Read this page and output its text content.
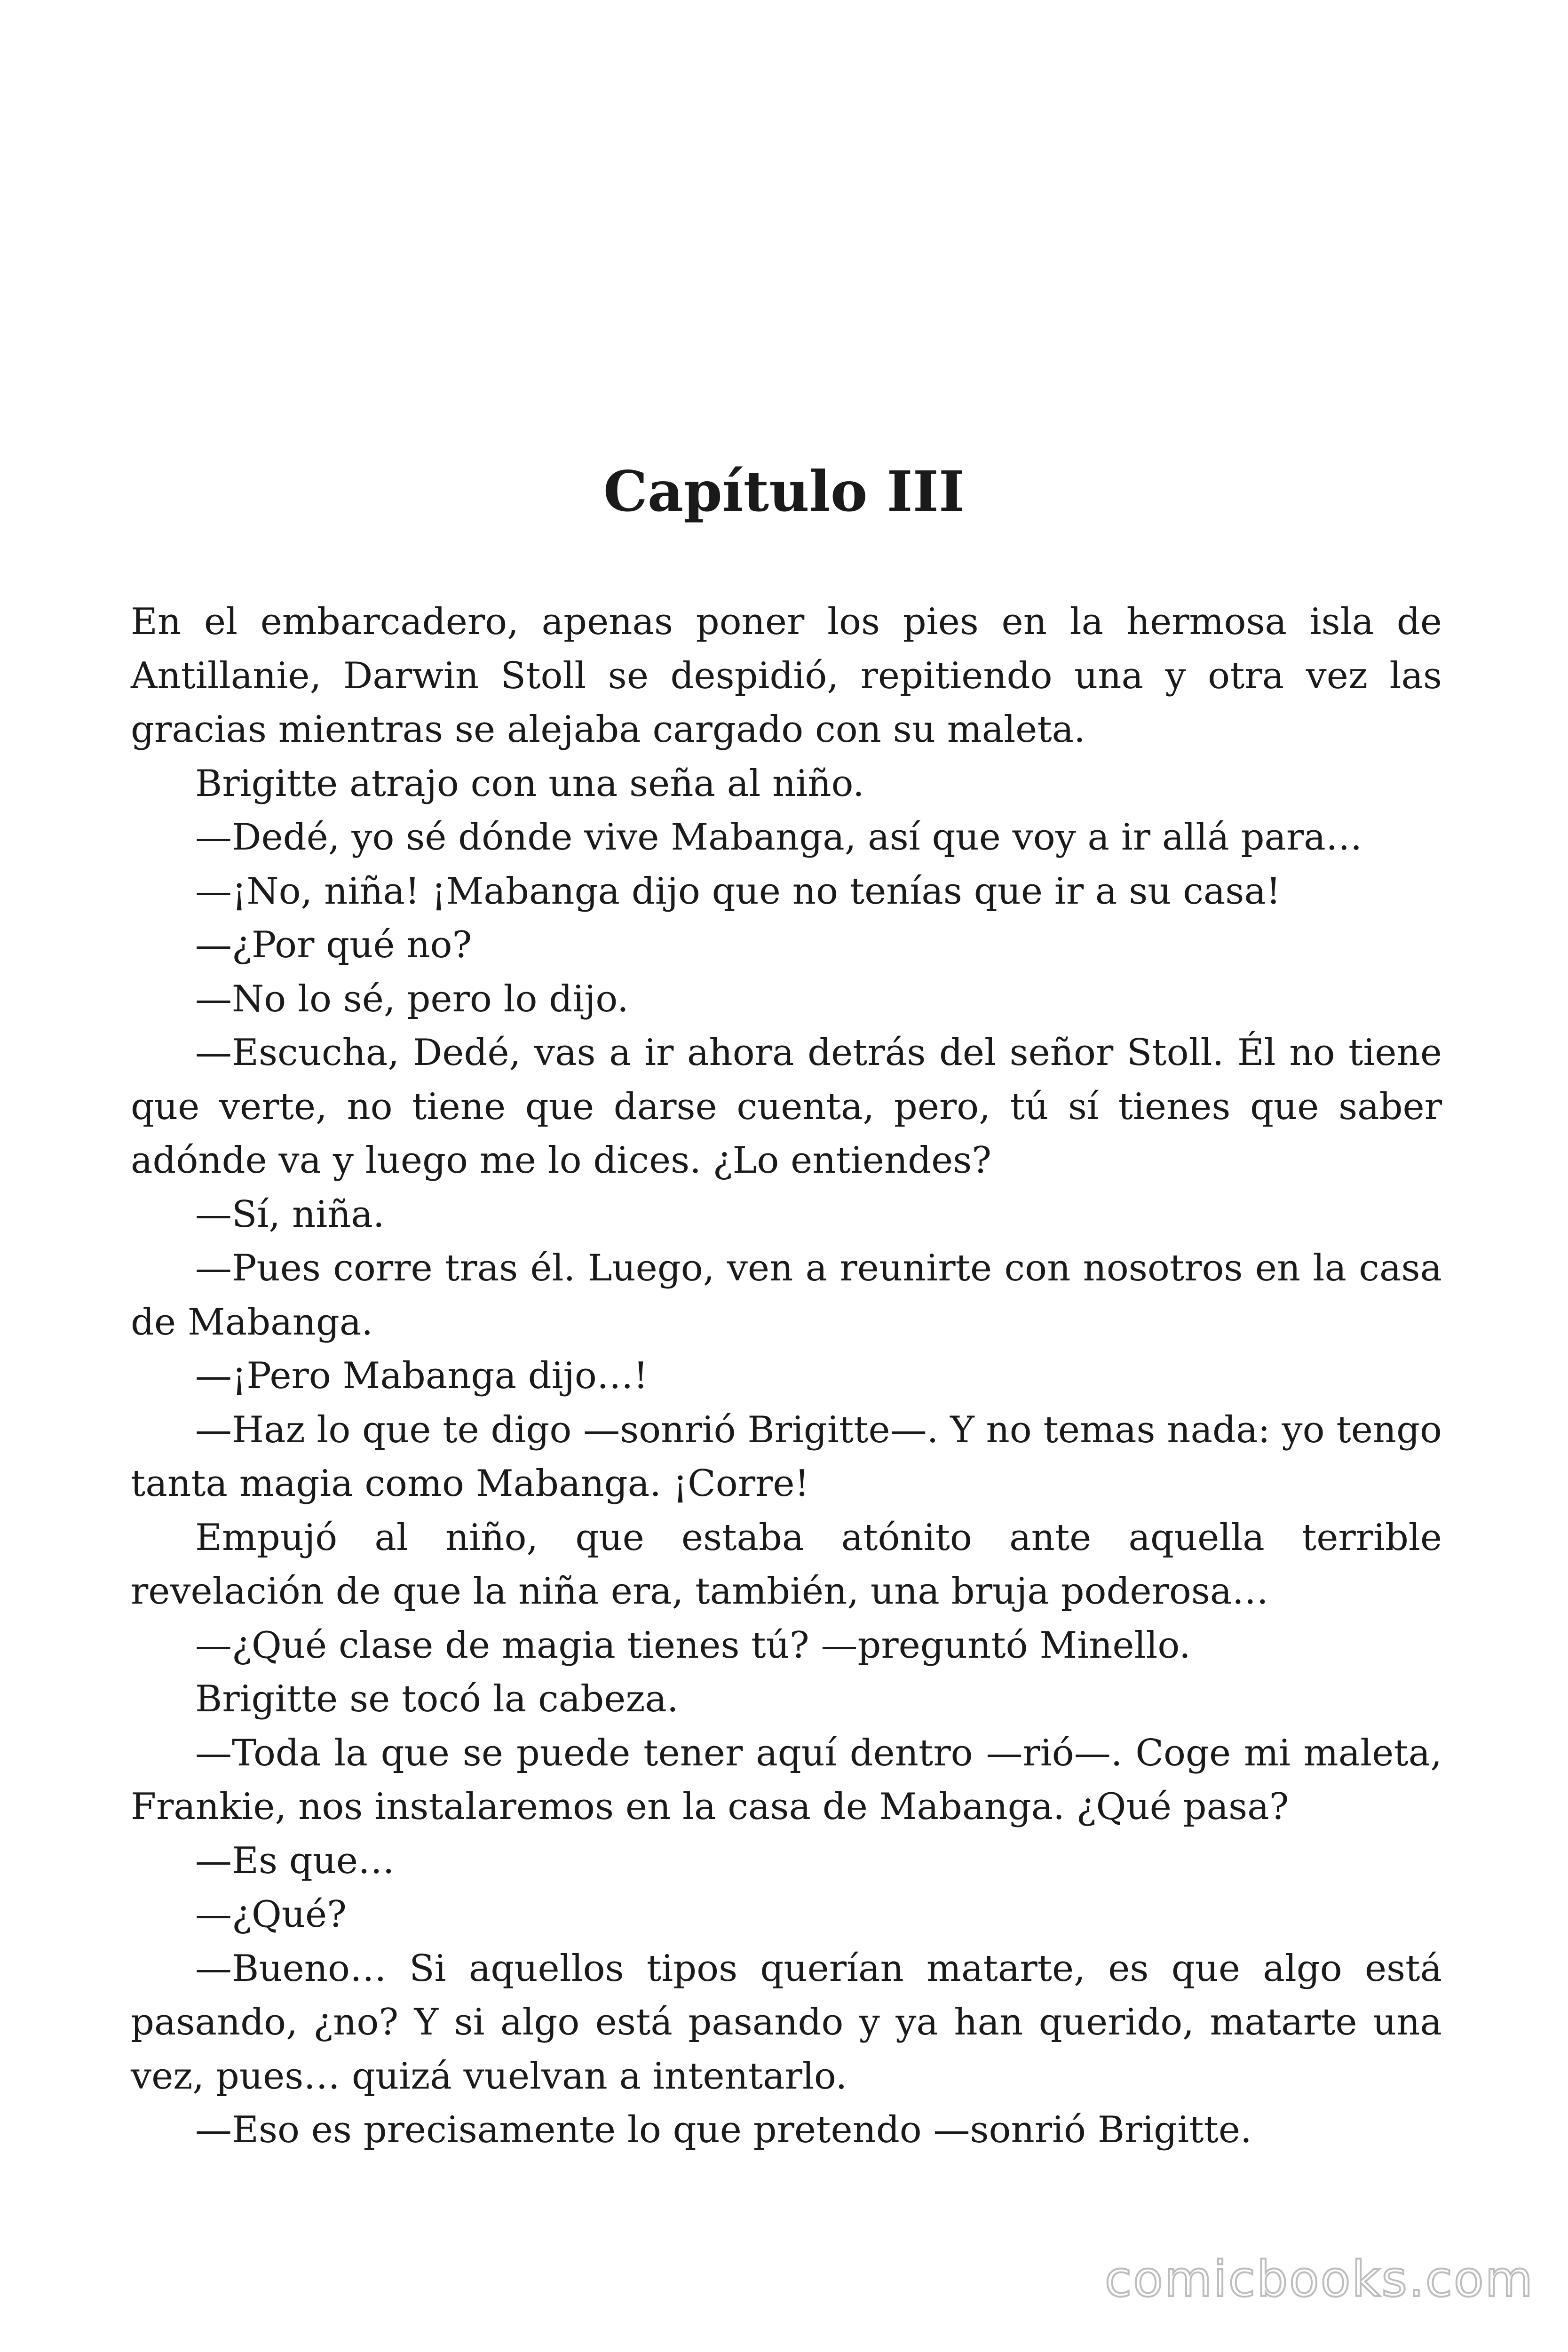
Capítulo III

En el embarcadero, apenas poner los pies en la hermosa isla de Antillanie, Darwin Stoll se despidió, repitiendo una y otra vez las gracias mientras se alejaba cargado con su maleta.

Brigitte atrajo con una seña al niño.

—Dedé, yo sé dónde vive Mabanga, así que voy a ir allá para…

—¡No, niña! ¡Mabanga dijo que no tenías que ir a su casa!

—¿Por qué no?

—No lo sé, pero lo dijo.

—Escucha, Dedé, vas a ir ahora detrás del señor Stoll. Él no tiene que verte, no tiene que darse cuenta, pero, tú sí tienes que saber adónde va y luego me lo dices. ¿Lo entiendes?

—Sí, niña.

—Pues corre tras él. Luego, ven a reunirte con nosotros en la casa de Mabanga.

—¡Pero Mabanga dijo…!

—Haz lo que te digo —sonrió Brigitte—. Y no temas nada: yo tengo tanta magia como Mabanga. ¡Corre!

Empujó al niño, que estaba atónito ante aquella terrible revelación de que la niña era, también, una bruja poderosa…

—¿Qué clase de magia tienes tú? —preguntó Minello.

Brigitte se tocó la cabeza.

—Toda la que se puede tener aquí dentro —rió—. Coge mi maleta, Frankie, nos instalaremos en la casa de Mabanga. ¿Qué pasa?

—Es que…

—¿Qué?

—Bueno… Si aquellos tipos querían matarte, es que algo está pasando, ¿no? Y si algo está pasando y ya han querido, matarte una vez, pues… quizá vuelvan a intentarlo.

—Eso es precisamente lo que pretendo —sonrió Brigitte.

comicbooks.com
